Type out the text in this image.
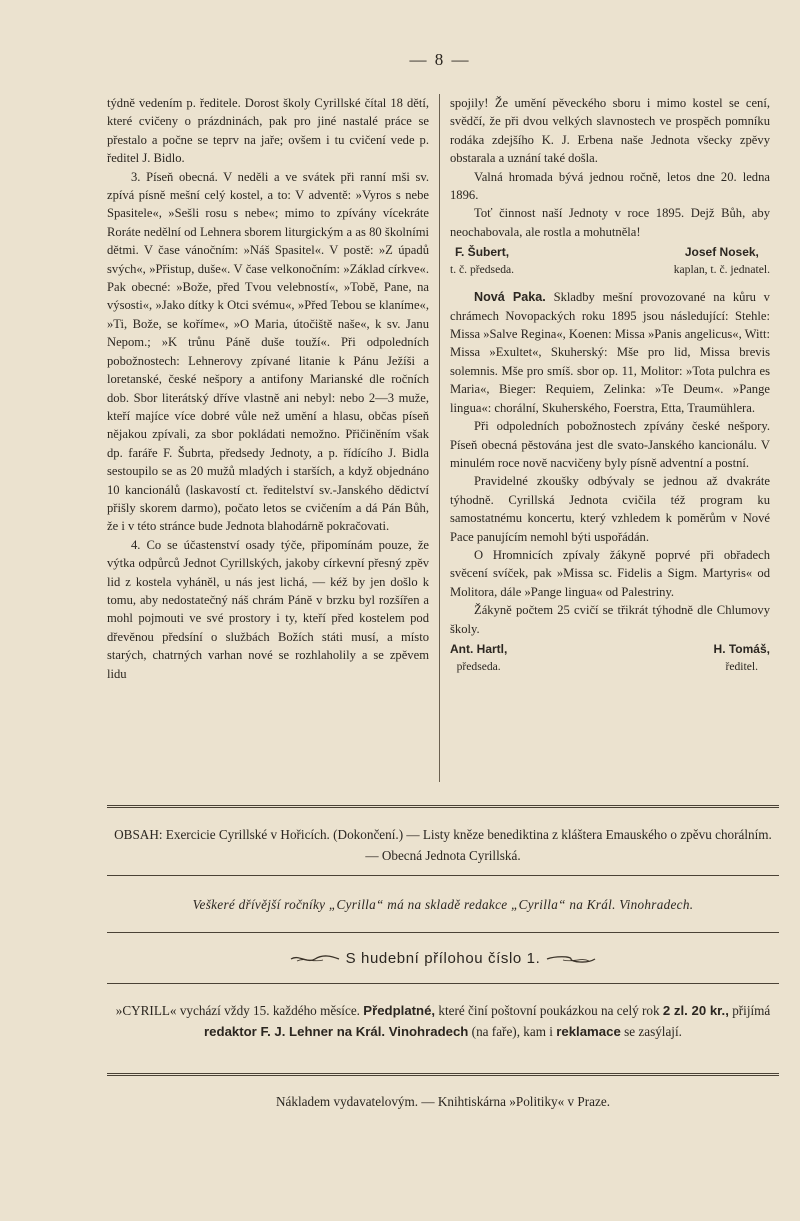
— 8 —

týdně vedením p. ředitele. Dorost školy Cyrillské čítal 18 dětí, které cvičeny o prázdninách, pak pro jiné nastalé práce se přestalo a počne se teprv na jaře; ovšem i tu cvičení vede p. ředitel J. Bidlo.

3. Píseň obecná. V neděli a ve svátek při ranní mši sv. zpívá písně mešní celý kostel, a to: V adventě: »Vyros s nebe Spasitele«, »Sešli rosu s nebe«; mimo to zpívány vícekráte Roráte nedělní od Lehnera sborem liturgickým a as 80 školními dětmi. V čase vánočním: »Náš Spasitel«. V postě: »Z úpadů svých«, »Přistup, duše«. V čase velkonočním: »Základ církve«. Pak obecné: »Bože, před Tvou velebností«, »Tobě, Pane, na výsosti«, »Jako dítky k Otci svému«, »Před Tebou se klaníme«, »Ti, Bože, se koříme«, »O Maria, útočiště naše«, k sv. Janu Nepom.; »K trůnu Páně duše touží«. Při odpoledních pobožnostech: Lehnerovy zpívané litanie k Pánu Ježíši a loretanské, české nešpory a antifony Marianské dle ročních dob. Sbor literátský dříve vlastně ani nebyl: nebo 2—3 muže, kteří majíce více dobré vůle než umění a hlasu, občas píseň nějakou zpívali, za sbor pokládati nemožno. Přičiněním však dp. faráře F. Šubrta, předsedy Jednoty, a p. řídícího J. Bidla sestoupilo se as 20 mužů mladých i starších, a když objednáno 10 kancionálů (laskavostí ct. ředitelství sv.-Janského dědictví přišly skorem darmo), počato letos se cvičením a dá Pán Bůh, že i v této stránce bude Jednota blahodárně pokračovati.

4. Co se účastenství osady týče, připomínám pouze, že výtka odpůrců Jednot Cyrillských, jakoby církevní přesný zpěv lid z kostela vyháněl, u nás jest lichá, — kéž by jen došlo k tomu, aby nedostatečný náš chrám Páně v brzku byl rozšířen a mohl pojmouti ve své prostory i ty, kteří před kostelem pod dřevěnou předsíní o službách Božích státi musí, a místo starých, chatrných varhan nové se rozhlaholily a se zpěvem lidu

spojily! Že umění pěveckého sboru i mimo kostel se cení, svědčí, že při dvou velkých slavnostech ve prospěch pomníku rodáka zdejšího K. J. Erbena naše Jednota všecky zpěvy obstarala a uznání také došla.

Valná hromada bývá jednou ročně, letos dne 20. ledna 1896.

Toť činnost naší Jednoty v roce 1895. Dejž Bůh, aby neochabovala, ale rostla a mohutněla!

F. Šubert,
t. č. předseda.
Josef Nosek,
kaplan, t. č. jednatel.

Nová Paka. Skladby mešní provozované na kůru v chrámech Novopackých roku 1895 jsou následující: Stehle: Missa »Salve Regina«, Koenen: Missa »Panis angelicus«, Witt: Missa »Exultet«, Skuherský: Mše pro lid, Missa brevis solemnis. Mše pro smíš. sbor op. 11, Molitor: »Tota pulchra es Maria«, Bieger: Requiem, Zelinka: »Te Deum«. »Pange lingua«: chorální, Skuherského, Foerstra, Etta, Traumühlera.

Při odpoledních pobožnostech zpívány české nešpory. Píseň obecná pěstována jest dle svato-Janského kancionálu. V minulém roce nově nacvičeny byly písně adventní a postní.

Pravidelné zkoušky odbývaly se jednou až dvakráte týhodně. Cyrillská Jednota cvičila též program ku samostatnému koncertu, který vzhledem k poměrům v Nové Pace panujícím nemohl býti uspořádán.

O Hromnicích zpívaly žákyně poprvé při obřadech svěcení svíček, pak »Missa sc. Fidelis a Sigm. Martyris« od Molitora, dále »Pange lingua« od Palestriny.

Žákyně počtem 25 cvičí se třikrát týhodně dle Chlumovy školy.

Ant. Hartl,
předseda.
H. Tomáš,
ředitel.
OBSAH: Exercicie Cyrillské v Hořicích. (Dokončení.) — Listy kněze benediktina z kláštera Emauského o zpěvu chorálním. — Obecná Jednota Cyrillská.
Veškeré dřívější ročníky „Cyrilla“ má na skladě redakce „Cyrilla“ na Král. Vinohradech.
S hudební přílohou číslo 1.
»CYRILL« vychází vždy 15. každého měsíce. Předplatné, které činí poštovní poukázkou na celý rok 2 zl. 20 kr., přijímá redaktor F. J. Lehner na Král. Vinohradech (na faře), kam i reklamace se zasýlají.
Nákladem vydavatelovým. — Knihtiskárna »Politiky« v Praze.
